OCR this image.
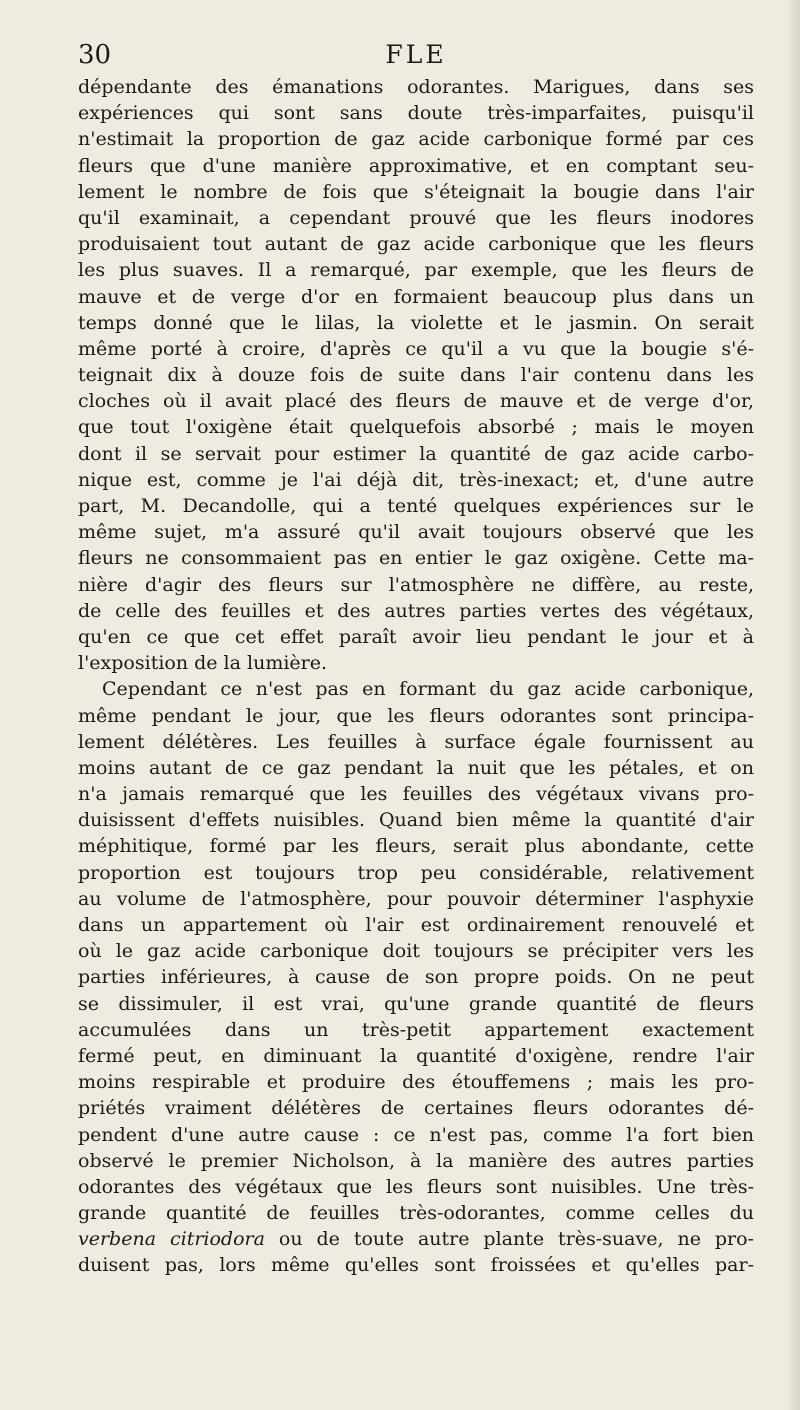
30	FLE
dépendante des émanations odorantes. Marigues, dans ses
expériences qui sont sans doute très-imparfaites, puisqu'il
n'estimait la proportion de gaz acide carbonique formé par ces
fleurs que d'une manière approximative, et en comptant seu-
lement le nombre de fois que s'éteignait la bougie dans l'air
qu'il examinait, a cependant prouvé que les fleurs inodores
produisaient tout autant de gaz acide carbonique que les fleurs
les plus suaves. Il a remarqué, par exemple, que les fleurs de
mauve et de verge d'or en formaient beaucoup plus dans un
temps donné que le lilas, la violette et le jasmin. On serait
même porté à croire, d'après ce qu'il a vu que la bougie s'é-
teignait dix à douze fois de suite dans l'air contenu dans les
cloches où il avait placé des fleurs de mauve et de verge d'or,
que tout l'oxigène était quelquefois absorbé ; mais le moyen
dont il se servait pour estimer la quantité de gaz acide carbo-
nique est, comme je l'ai déjà dit, très-inexact; et, d'une autre
part, M. Decandolle, qui a tenté quelques expériences sur le
même sujet, m'a assuré qu'il avait toujours observé que les
fleurs ne consommaient pas en entier le gaz oxigène. Cette ma-
nière d'agir des fleurs sur l'atmosphère ne diffère, au reste,
de celle des feuilles et des autres parties vertes des végétaux,
qu'en ce que cet effet paraît avoir lieu pendant le jour et à
l'exposition de la lumière.
Cependant ce n'est pas en formant du gaz acide carbonique,
même pendant le jour, que les fleurs odorantes sont principa-
lement délétères. Les feuilles à surface égale fournissent au
moins autant de ce gaz pendant la nuit que les pétales, et on
n'a jamais remarqué que les feuilles des végétaux vivans pro-
duisissent d'effets nuisibles. Quand bien même la quantité d'air
méphitique, formé par les fleurs, serait plus abondante, cette
proportion est toujours trop peu considérable, relativement
au volume de l'atmosphère, pour pouvoir déterminer l'asphyxie
dans un appartement où l'air est ordinairement renouvelé et
où le gaz acide carbonique doit toujours se précipiter vers les
parties inférieures, à cause de son propre poids. On ne peut
se dissimuler, il est vrai, qu'une grande quantité de fleurs
accumulées dans un très-petit appartement exactement
fermé peut, en diminuant la quantité d'oxigène, rendre l'air
moins respirable et produire des étouffemens ; mais les pro-
priétés vraiment délétères de certaines fleurs odorantes dé-
pendent d'une autre cause : ce n'est pas, comme l'a fort bien
observé le premier Nicholson, à la manière des autres parties
odorantes des végétaux que les fleurs sont nuisibles. Une très-
grande quantité de feuilles très-odorantes, comme celles du
verbena citriodora ou de toute autre plante très-suave, ne pro-
duisent pas, lors même qu'elles sont froissées et qu'elles par-
